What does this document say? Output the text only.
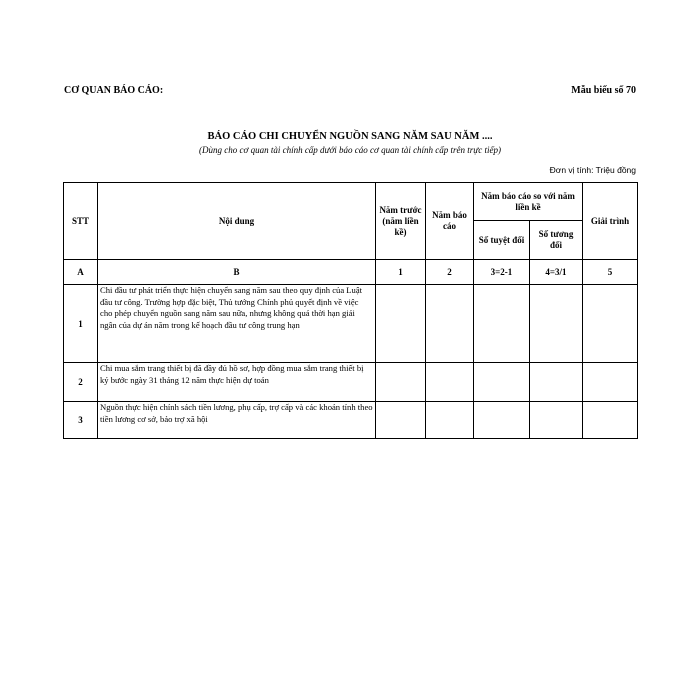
CƠ QUAN BÁO CÁO:	Mẫu biểu số 70
BÁO CÁO CHI CHUYỂN NGUỒN SANG NĂM SAU NĂM ....
(Dùng cho cơ quan tài chính cấp dưới báo cáo cơ quan tài chính cấp trên trực tiếp)
Đơn vị tính: Triệu đồng
STT	Nội dung	Năm trước (năm liền kề)	Năm báo cáo	Năm báo cáo so với năm liền kề		Giải trình
				Số tuyệt đối	Số tương đối	
A	B	1	2	3=2-1	4=3/1	5
1	Chi đầu tư phát triển thực hiện chuyển sang năm sau theo quy định của Luật đầu tư công. Trường hợp đặc biệt, Thủ tướng Chính phủ quyết định về việc cho phép chuyển nguồn sang năm sau nữa, nhưng không quá thời hạn giải ngân của dự án năm trong kế hoạch đầu tư công trung hạn					
2	Chi mua sắm trang thiết bị đã đầy đủ hồ sơ, hợp đồng mua sắm trang thiết bị ký bước ngày 31 tháng 12 năm thực hiện dự toán					
3	Nguồn thực hiện chính sách tiền lương, phụ cấp, trợ cấp và các khoản tính theo tiền lương cơ sở, bảo trợ xã hội					
